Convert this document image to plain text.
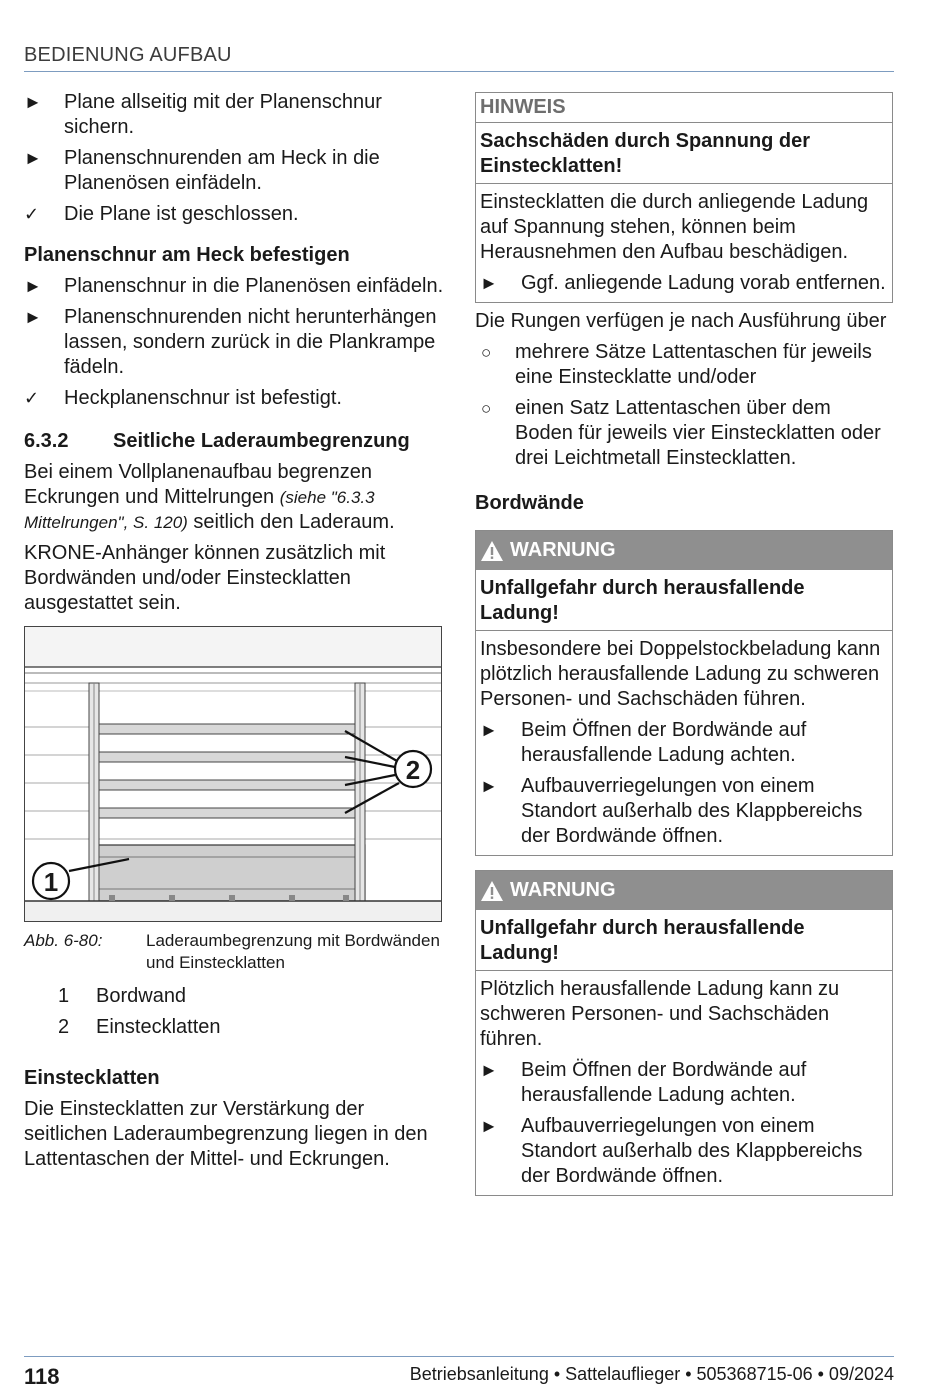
BEDIENUNG AUFBAU
►	Plane allseitig mit der Planenschnur sichern.
►	Planenschnurenden am Heck in die Planenösen einfädeln.
✓	Die Plane ist geschlossen.
Planenschnur am Heck befestigen
►	Planenschnur in die Planenösen einfädeln.
►	Planenschnurenden nicht herunterhängen lassen, sondern zurück in die Plankrampe fädeln.
✓	Heckplanenschnur ist befestigt.
6.3.2	Seitliche Laderaumbegrenzung

Bei einem Vollplanenaufbau begrenzen Eckrungen und Mittelrungen (siehe "6.3.3 Mittelrungen", S. 120) seitlich den Laderaum.

KRONE-Anhänger können zusätzlich mit Bordwänden und/oder Einstecklatten ausgestattet sein.

2
1
Abb. 6-80:	Laderaumbegrenzung mit Bordwänden und Einstecklatten
1	Bordwand
2	Einstecklatten
Einstecklatten

Die Einstecklatten zur Verstärkung der seitlichen Laderaumbegrenzung liegen in den Lattentaschen der Mittel- und Eckrungen.

HINWEIS
Sachschäden durch Spannung der Einstecklatten!
Einstecklatten die durch anliegende Ladung auf Spannung stehen, können beim Herausnehmen den Aufbau beschädigen.
►	Ggf. anliegende Ladung vorab entfernen.

Die Rungen verfügen je nach Ausführung über

○	mehrere Sätze Lattentaschen für jeweils eine Einstecklatte und/oder
○	einen Satz Lattentaschen über dem Boden für jeweils vier Einstecklatten oder drei Leichtmetall Einstecklatten.
Bordwände
WARNUNG
Unfallgefahr durch herausfallende Ladung!
Insbesondere bei Doppelstockbeladung kann plötzlich herausfallende Ladung zu schweren Personen- und Sachschäden führen.
►	Beim Öffnen der Bordwände auf herausfallende Ladung achten.
►	Aufbauverriegelungen von einem Standort außerhalb des Klappbereichs der Bordwände öffnen.
WARNUNG
Unfallgefahr durch herausfallende Ladung!
Plötzlich herausfallende Ladung kann zu schweren Personen- und Sachschäden führen.
►	Beim Öffnen der Bordwände auf herausfallende Ladung achten.
►	Aufbauverriegelungen von einem Standort außerhalb des Klappbereichs der Bordwände öffnen.
118	Betriebsanleitung • Sattelauflieger • 505368715-06 • 09/2024
